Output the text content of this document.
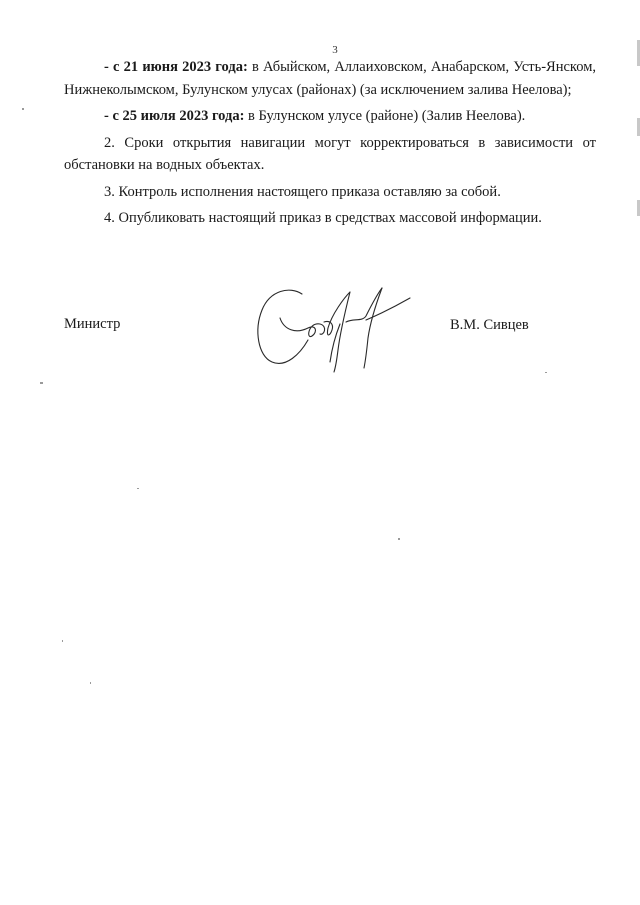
3

- с 21 июня 2023 года: в Абыйском, Аллаиховском, Анабарском, Усть-Янском, Нижнеколымском, Булунском улусах (районах) (за исключением залива Неелова);

- с 25 июля 2023 года: в Булунском улусе (районе) (Залив Неелова).

2. Сроки открытия навигации могут корректироваться в зависимости от обстановки на водных объектах.

3. Контроль исполнения настоящего приказа оставляю за собой.

4. Опубликовать настоящий приказ в средствах массовой информации.

Министр	В.М. Сивцев
